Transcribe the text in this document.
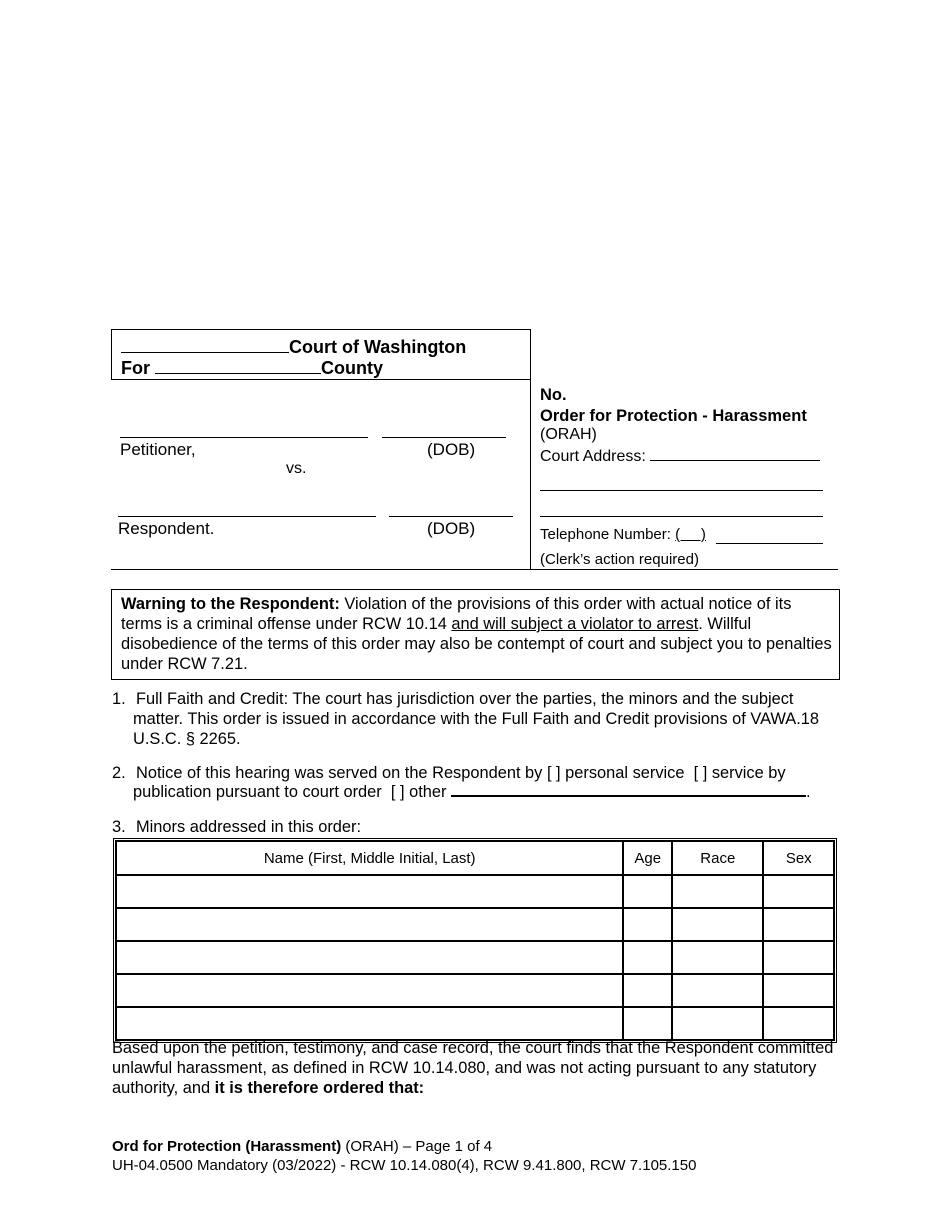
Court of Washington
For	County
Petitioner,	(DOB)
vs.
Respondent.	(DOB)
No.
Order for Protection - Harassment
(ORAH)
Court Address:
Telephone Number: (     )
(Clerk’s action required)
Warning to the Respondent: Violation of the provisions of this order with actual notice of its terms is a criminal offense under RCW 10.14 and will subject a violator to arrest. Willful disobedience of the terms of this order may also be contempt of court and subject you to penalties under RCW 7.21.
1. Full Faith and Credit: The court has jurisdiction over the parties, the minors and the subject matter. This order is issued in accordance with the Full Faith and Credit provisions of VAWA.18 U.S.C. § 2265.
2. Notice of this hearing was served on the Respondent by [ ] personal service [ ] service by
publication pursuant to court order [ ] other	.
3. Minors addressed in this order:
Name (First, Middle Initial, Last)	Age	Race	Sex

Based upon the petition, testimony, and case record, the court finds that the Respondent committed unlawful harassment, as defined in RCW 10.14.080, and was not acting pursuant to any statutory authority, and it is therefore ordered that:
Ord for Protection (Harassment) (ORAH) – Page 1 of 4
UH-04.0500 Mandatory (03/2022) - RCW 10.14.080(4), RCW 9.41.800, RCW 7.105.150
